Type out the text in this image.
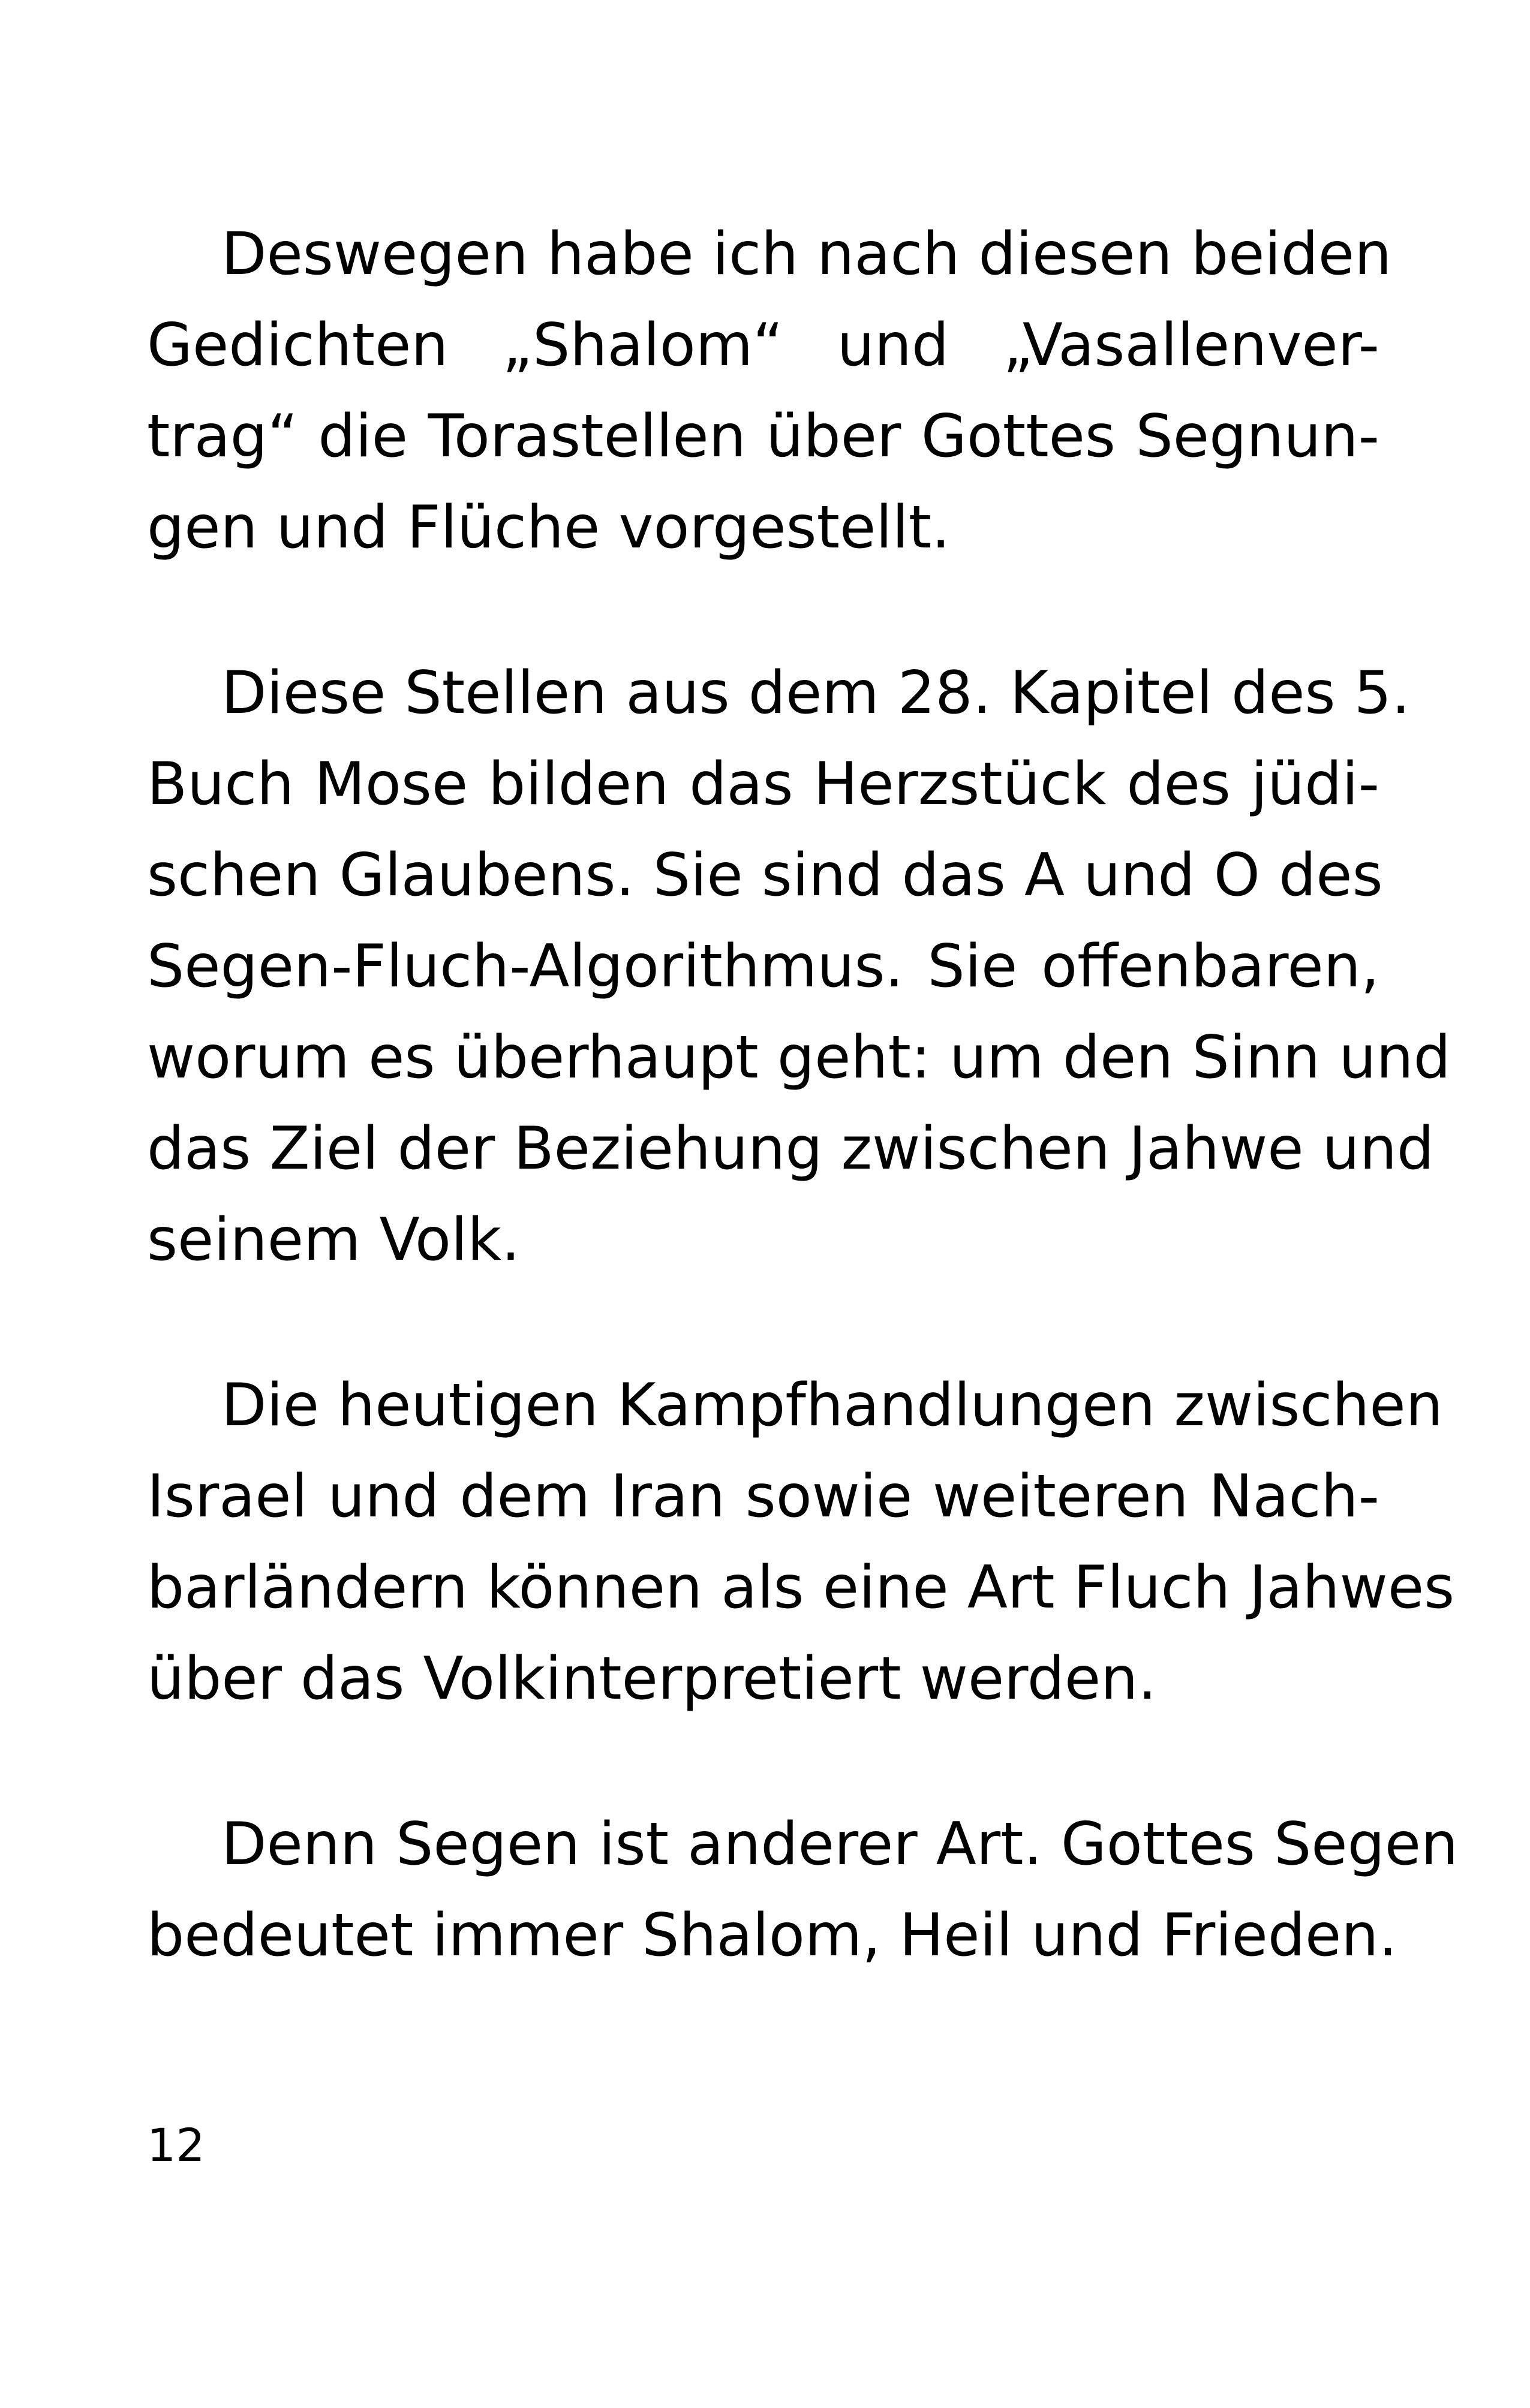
Deswegen habe ich nach diesen beiden
Gedichten „Shalom“ und „Vasallenver-
trag“ die Torastellen über Gottes Segnun-
gen und Flüche vorgestellt.

Diese Stellen aus dem 28. Kapitel des 5.
Buch Mose bilden das Herzstück des jüdi-
schen Glaubens. Sie sind das A und O des
Segen-Fluch-Algorithmus. Sie offenbaren,
worum es überhaupt geht: um den Sinn und
das Ziel der Beziehung zwischen Jahwe und
seinem Volk.

Die heutigen Kampfhandlungen zwischen
Israel und dem Iran sowie weiteren Nach-
barländern können als eine Art Fluch Jahwes
über das Volkinterpretiert werden.

Denn Segen ist anderer Art. Gottes Segen
bedeutet immer Shalom, Heil und Frieden.

12
